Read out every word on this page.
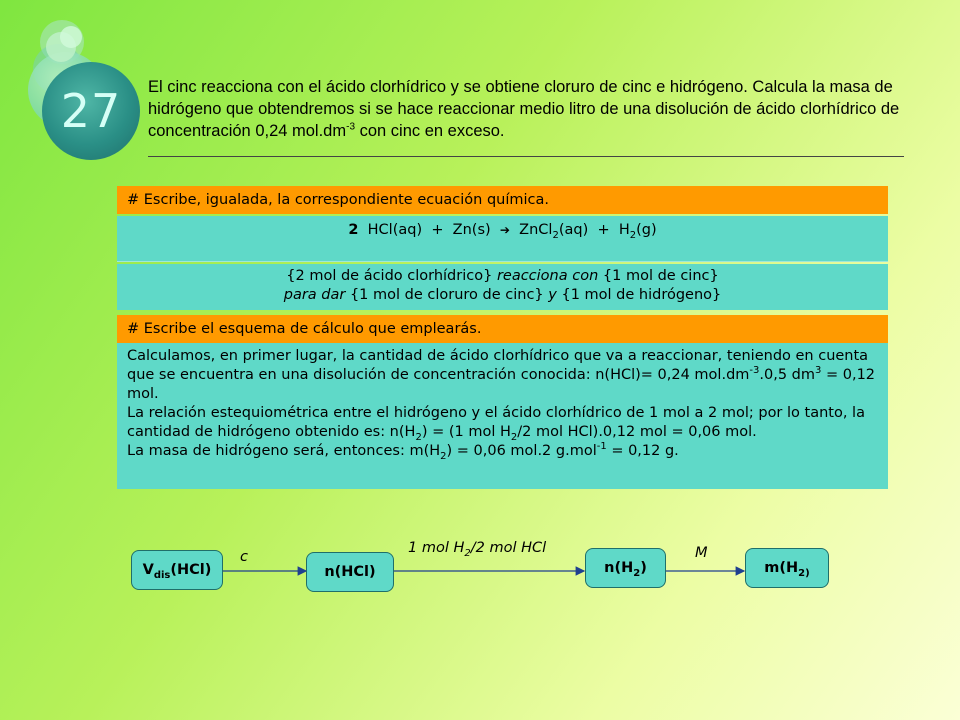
27 El cinc reacciona con el ácido clorhídrico y se obtiene cloruro de cinc e hidrógeno. Calcula la masa de hidrógeno que obtendremos si se hace reaccionar medio litro de una disolución de ácido clorhídrico de concentración 0,24 $mol.dm^{-3}$ con cinc en exceso.
# Escribe, igualada, la correspondiente ecuación química.
2  HCl(aq)  +  Zn(s)  ➔  ZnCl$_2$(aq)  +  $H_2(g)$
{2 mol de ácido clorhídrico} reacciona con {1 mol de cinc}
para dar {1 mol de cloruro de cinc} y {1 mol de hidrógeno}
# Escribe el esquema de cálculo que emplearás.
Calculamos, en primer lugar, la cantidad de ácido clorhídrico que va a reaccionar, teniendo en cuenta que se encuentra en una disolución de concentración conocida: n(HCl)= 0,24 $mol.dm^{-3}.0,5$ $dm^3 = 0,12$ mol.
La relación estequiométrica entre el hidrógeno y el ácido clorhídrico de 1 mol a 2 mol; por lo tanto, la cantidad de hidrógeno obtenido es: $n(H_2) = (1$ mol $H_2/2$ mol HCl).0,12 mol = 0,06 mol.
La masa de hidrógeno será, entonces: $m(H_2) = 0,06$ mol.2 g.mol$^{-1}$ = 0,12 g.
$V_{dis}(HCl)$	n(HCl)	$n(H_2)$	$m(H_{2)}$
c
1 mol $H_2/2$ mol HCl	M
